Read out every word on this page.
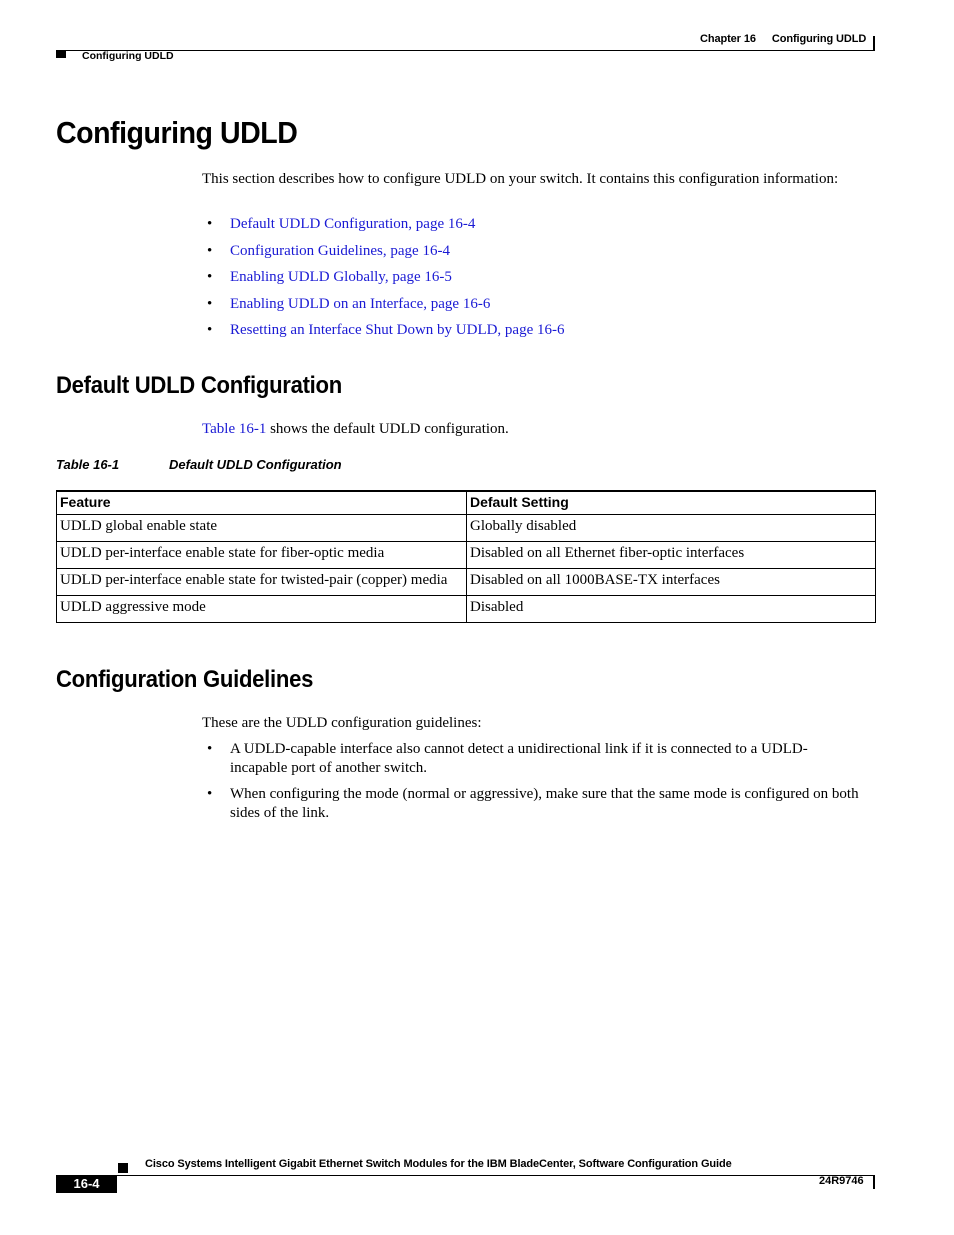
Chapter 16 Configuring UDLD
Configuring UDLD
Configuring UDLD
This section describes how to configure UDLD on your switch. It contains this configuration information:
• Default UDLD Configuration, page 16-4
• Configuration Guidelines, page 16-4
• Enabling UDLD Globally, page 16-5
• Enabling UDLD on an Interface, page 16-6
• Resetting an Interface Shut Down by UDLD, page 16-6
Default UDLD Configuration
Table 16-1 shows the default UDLD configuration.
Table 16-1	Default UDLD Configuration
Feature	Default Setting
UDLD global enable state	Globally disabled
UDLD per-interface enable state for fiber-optic media	Disabled on all Ethernet fiber-optic interfaces
UDLD per-interface enable state for twisted-pair (copper) media	Disabled on all 1000BASE-TX interfaces
UDLD aggressive mode	Disabled
Configuration Guidelines
These are the UDLD configuration guidelines:
• A UDLD-capable interface also cannot detect a unidirectional link if it is connected to a UDLD-incapable port of another switch.
• When configuring the mode (normal or aggressive), make sure that the same mode is configured on both sides of the link.
Cisco Systems Intelligent Gigabit Ethernet Switch Modules for the IBM BladeCenter, Software Configuration Guide
16-4	24R9746
